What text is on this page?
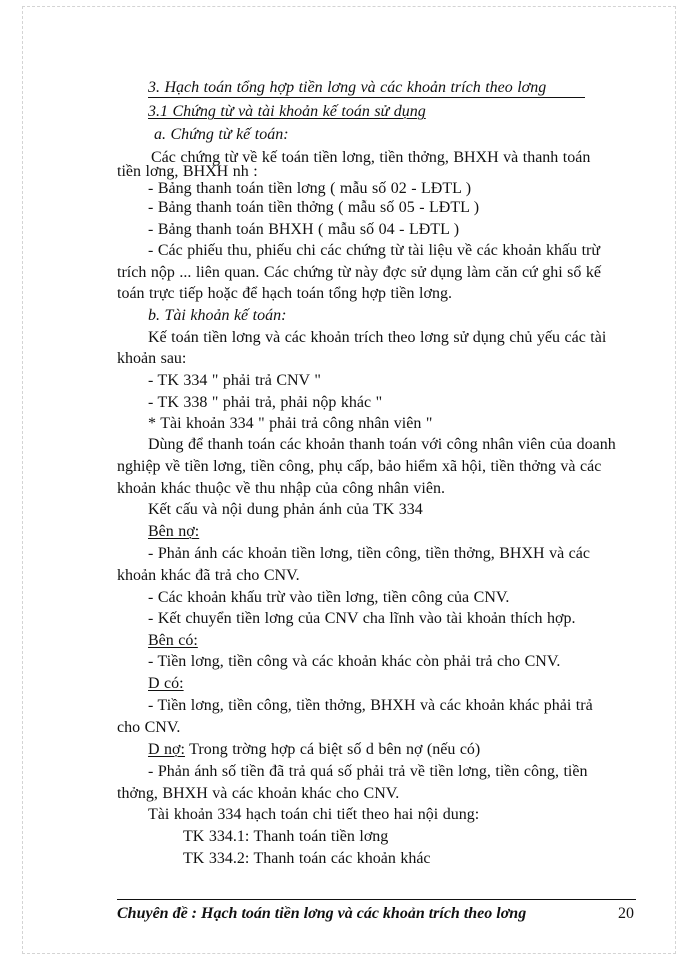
3. Hạch toán tổng hợp tiền lơng và các khoản trích theo lơng
3.1 Chứng từ và tài khoản kế toán sử dụng
a. Chứng từ kế toán:
Các chứng từ về kế toán tiền lơng, tiền thởng, BHXH và thanh toán
tiền lơng, BHXH nh :
- Bảng thanh toán tiền lơng ( mẫu số 02 - LĐTL )
- Bảng thanh toán tiền thởng ( mẫu số 05 - LĐTL )
- Bảng thanh toán BHXH ( mẫu số 04 - LĐTL )
- Các phiếu thu, phiếu chi các chứng từ tài liệu về các khoản khấu trừ
trích nộp ... liên quan. Các chứng từ này đợc sử dụng làm căn cứ ghi sổ kế
toán trực tiếp hoặc để hạch toán tổng hợp tiền lơng.
b. Tài khoản kế toán:
Kế toán tiền lơng và các khoản trích theo lơng sử dụng chủ yếu các tài
khoản sau:
- TK 334 " phải trả CNV "
- TK 338 " phải trả, phải nộp khác "
* Tài khoản 334 " phải trả công nhân viên "
Dùng để thanh toán các khoản thanh toán với công nhân viên của doanh
nghiệp về tiền lơng, tiền công, phụ cấp, bảo hiểm xã hội, tiền thởng và các
khoản khác thuộc về thu nhập của công nhân viên.
Kết cấu và nội dung phản ánh của TK 334
Bên nợ:
- Phản ánh các khoản tiền lơng, tiền công, tiền thởng, BHXH và các
khoản khác đã trả cho CNV.
- Các khoản khấu trừ vào tiền lơng, tiền công của CNV.
- Kết chuyển tiền lơng của CNV cha lĩnh vào tài khoản thích hợp.
Bên có:
- Tiền lơng, tiền công và các khoản khác còn phải trả cho CNV.
D có:
- Tiền lơng, tiền công, tiền thởng, BHXH và các khoản khác phải trả
cho CNV.
D nợ: Trong trờng hợp cá biệt số d bên nợ (nếu có)
- Phản ánh số tiền đã trả quá số phải trả về tiền lơng, tiền công, tiền
thởng, BHXH và các khoản khác cho CNV.
Tài khoản 334 hạch toán chi tiết theo hai nội dung:
TK 334.1: Thanh toán tiền lơng
TK 334.2: Thanh toán các khoản khác
Chuyên đề : Hạch toán tiền lơng và các khoản trích theo lơng	20
